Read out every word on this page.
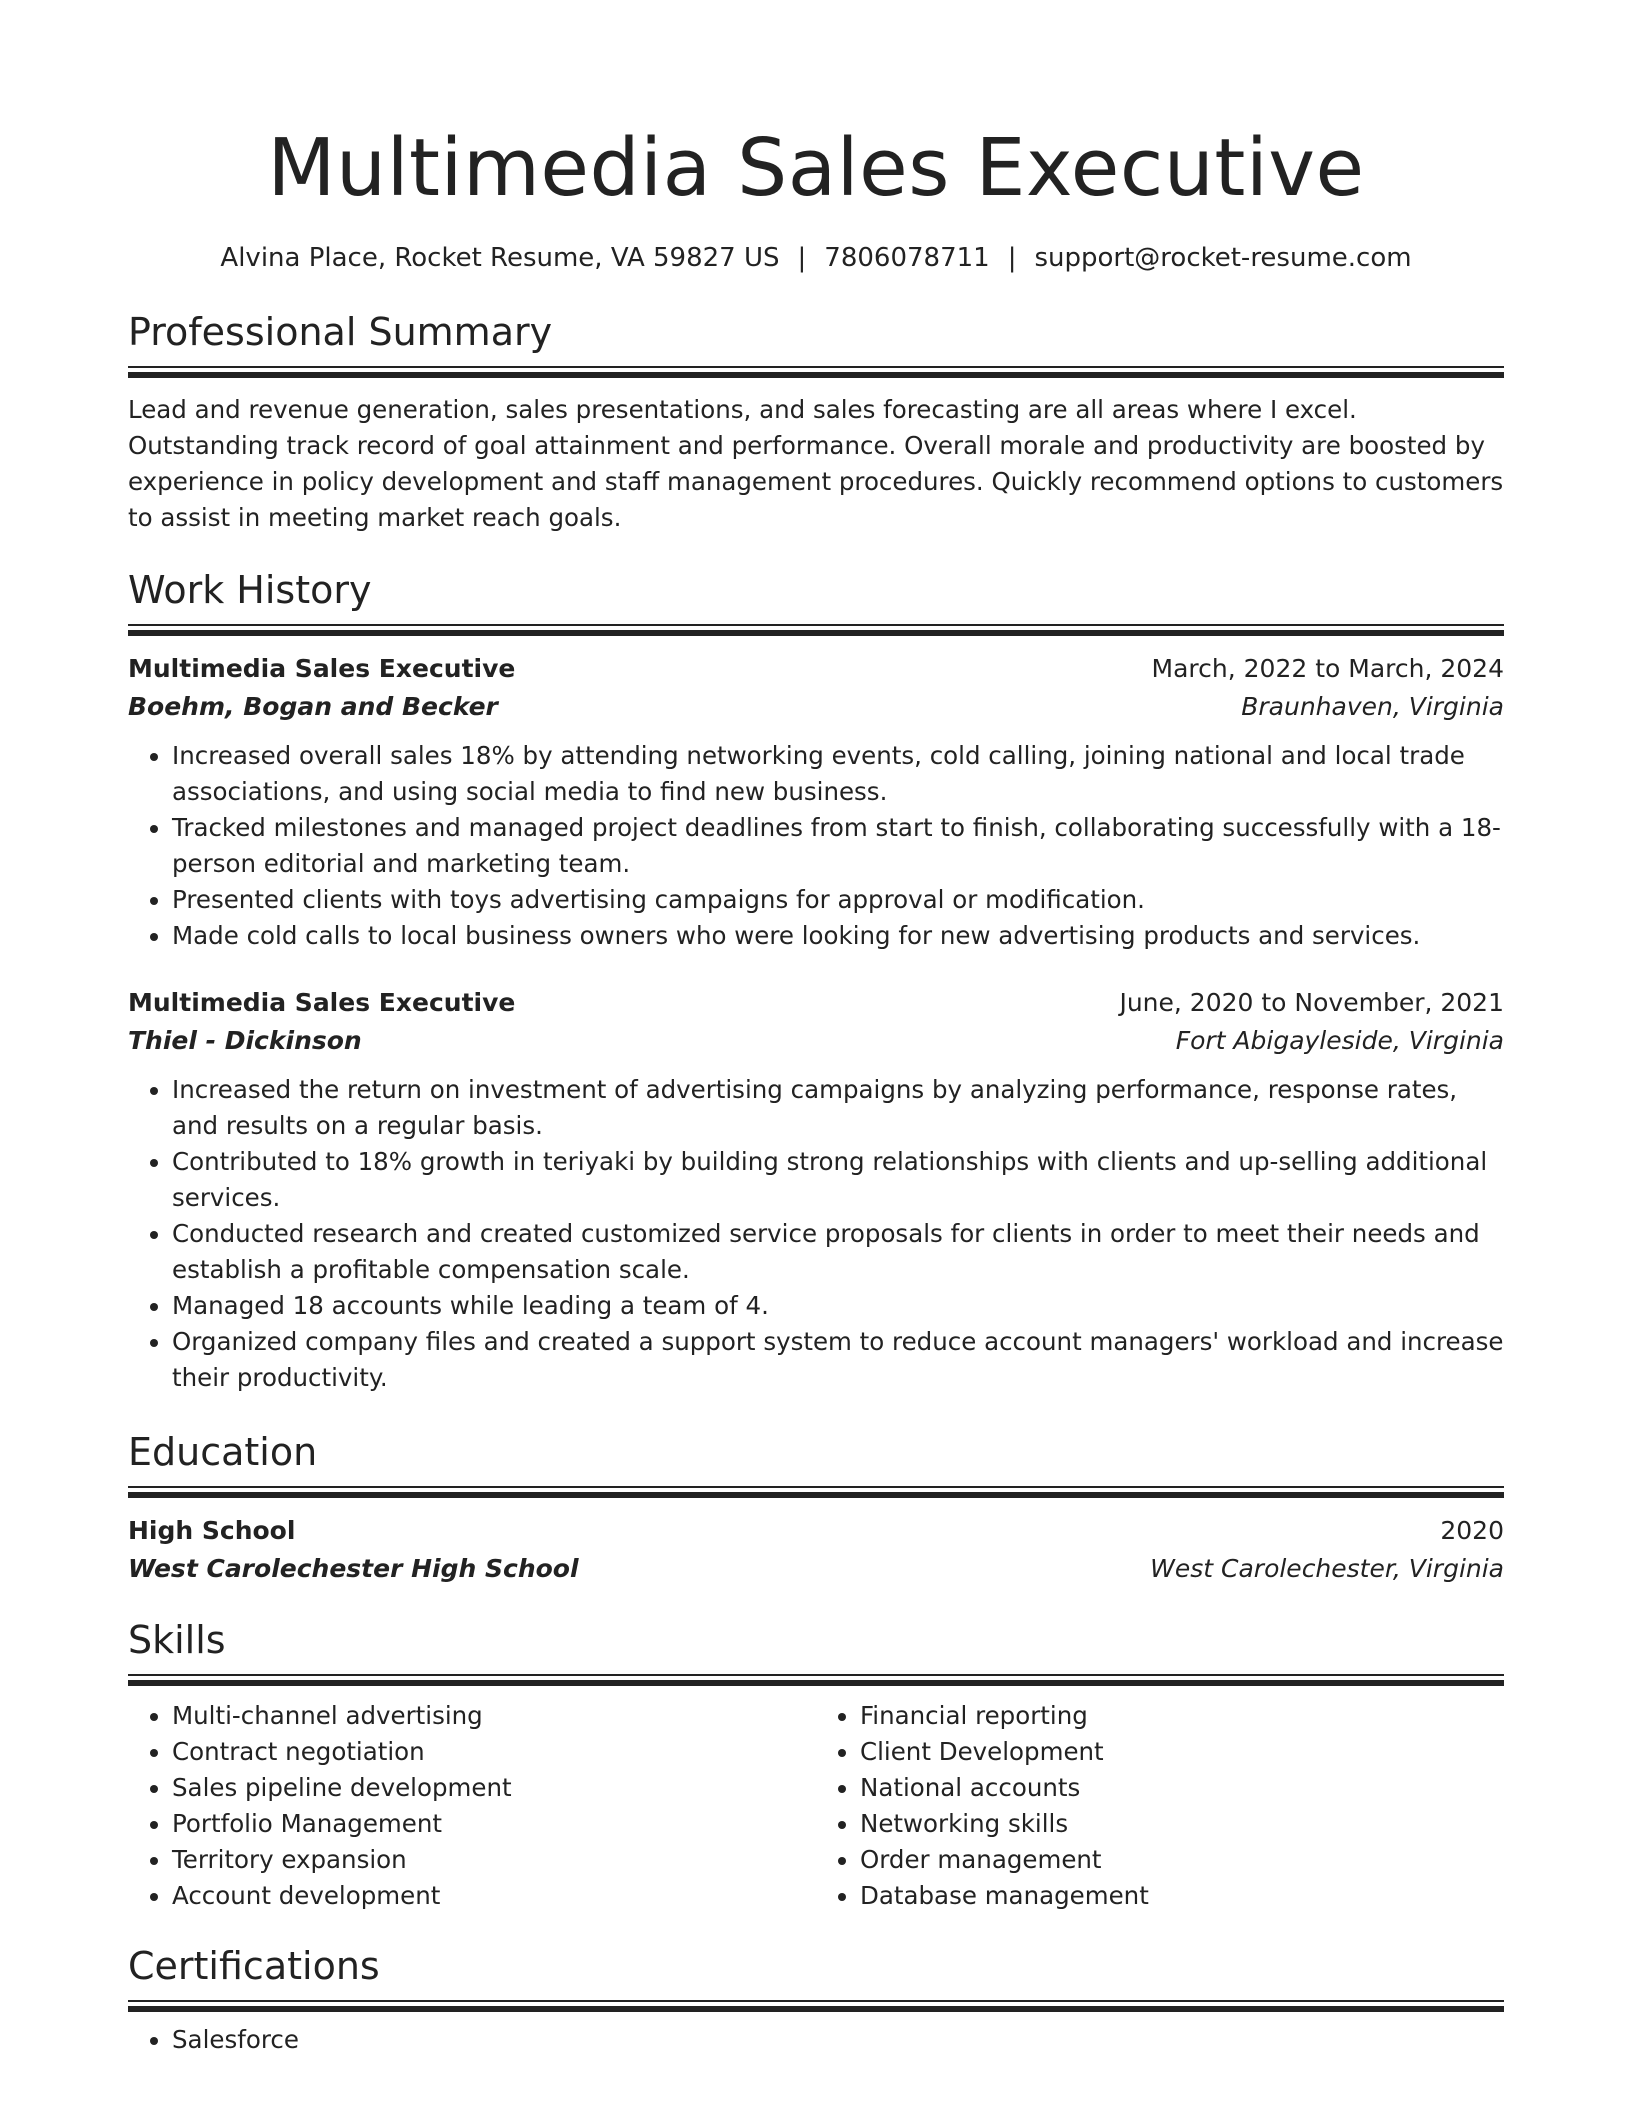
Multimedia Sales Executive
Alvina Place, Rocket Resume, VA 59827 US | 7806078711 | support@rocket-resume.com
Professional Summary
Lead and revenue generation, sales presentations, and sales forecasting are all areas where I excel. Outstanding track record of goal attainment and performance. Overall morale and productivity are boosted by experience in policy development and staff management procedures. Quickly recommend options to customers to assist in meeting market reach goals.
Work History
Multimedia Sales Executive	March, 2022 to March, 2024
Boehm, Bogan and Becker	Braunhaven, Virginia
• Increased overall sales 18% by attending networking events, cold calling, joining national and local trade associations, and using social media to find new business.
• Tracked milestones and managed project deadlines from start to finish, collaborating successfully with a 18-person editorial and marketing team.
• Presented clients with toys advertising campaigns for approval or modification.
• Made cold calls to local business owners who were looking for new advertising products and services.
Multimedia Sales Executive	June, 2020 to November, 2021
Thiel - Dickinson	Fort Abigayleside, Virginia
• Increased the return on investment of advertising campaigns by analyzing performance, response rates, and results on a regular basis.
• Contributed to 18% growth in teriyaki by building strong relationships with clients and up-selling additional services.
• Conducted research and created customized service proposals for clients in order to meet their needs and establish a profitable compensation scale.
• Managed 18 accounts while leading a team of 4.
• Organized company files and created a support system to reduce account managers' workload and increase their productivity.
Education
High School	2020
West Carolechester High School	West Carolechester, Virginia
Skills
• Multi-channel advertising
• Contract negotiation
• Sales pipeline development
• Portfolio Management
• Territory expansion
• Account development
• Financial reporting
• Client Development
• National accounts
• Networking skills
• Order management
• Database management
Certifications
• Salesforce
